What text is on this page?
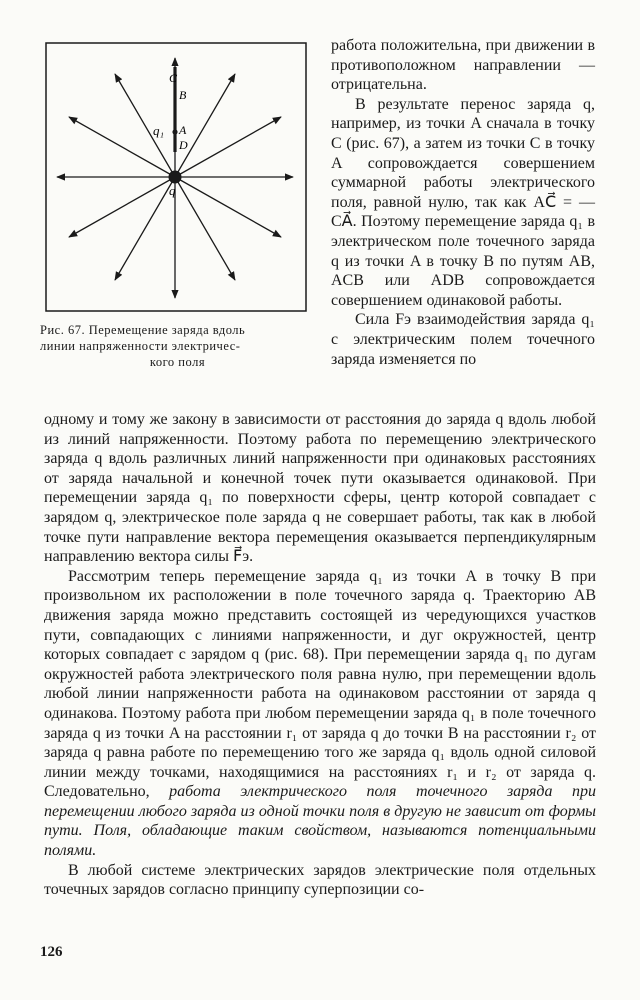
C
B
A
D
q₁
q
Рис. 67. Перемещение заряда вдоль
линии напряженности электричес-
кого поля

работа положительна, при движении в противоположном направлении — отрицательна.

В результате перенос заряда q, например, из точки A сначала в точку C (рис. 67), а затем из точки C в точку A сопровождается совершением суммарной работы электрического поля, равной нулю, так как AC⃗ = — CA⃗. Поэтому перемещение заряда q₁ в электрическом поле точечного заряда q из точки A в точку B по путям AB, ACB или ADB сопровождается совершением одинаковой работы.

Сила Fэ взаимодействия заряда q₁ с электрическим полем точечного заряда изменяется по

одному и тому же закону в зависимости от расстояния до заряда q вдоль любой из линий напряженности. Поэтому работа по перемещению электрического заряда q вдоль различных линий напряженности при одинаковых расстояниях от заряда начальной и конечной точек пути оказывается одинаковой. При перемещении заряда q₁ по поверхности сферы, центр которой совпадает с зарядом q, электрическое поле заряда q не совершает работы, так как в любой точке пути направление вектора перемещения оказывается перпендикулярным направлению вектора силы F⃗э.

Рассмотрим теперь перемещение заряда q₁ из точки A в точку B при произвольном их расположении в поле точечного заряда q. Траекторию AB движения заряда можно представить состоящей из чередующихся участков пути, совпадающих с линиями напряженности, и дуг окружностей, центр которых совпадает с зарядом q (рис. 68). При перемещении заряда q₁ по дугам окружностей работа электрического поля равна нулю, при перемещении вдоль любой линии напряженности работа на одинаковом расстоянии от заряда q одинакова. Поэтому работа при любом перемещении заряда q₁ в поле точечного заряда q из точки A на расстоянии r₁ от заряда q до точки B на расстоянии r₂ от заряда q равна работе по перемещению того же заряда q₁ вдоль одной силовой линии между точками, находящимися на расстояниях r₁ и r₂ от заряда q. Следовательно, работа электрического поля точечного заряда при перемещении любого заряда из одной точки поля в другую не зависит от формы пути. Поля, обладающие таким свойством, называются потенциальными полями.

В любой системе электрических зарядов электрические поля отдельных точечных зарядов согласно принципу суперпозиции со-

126
